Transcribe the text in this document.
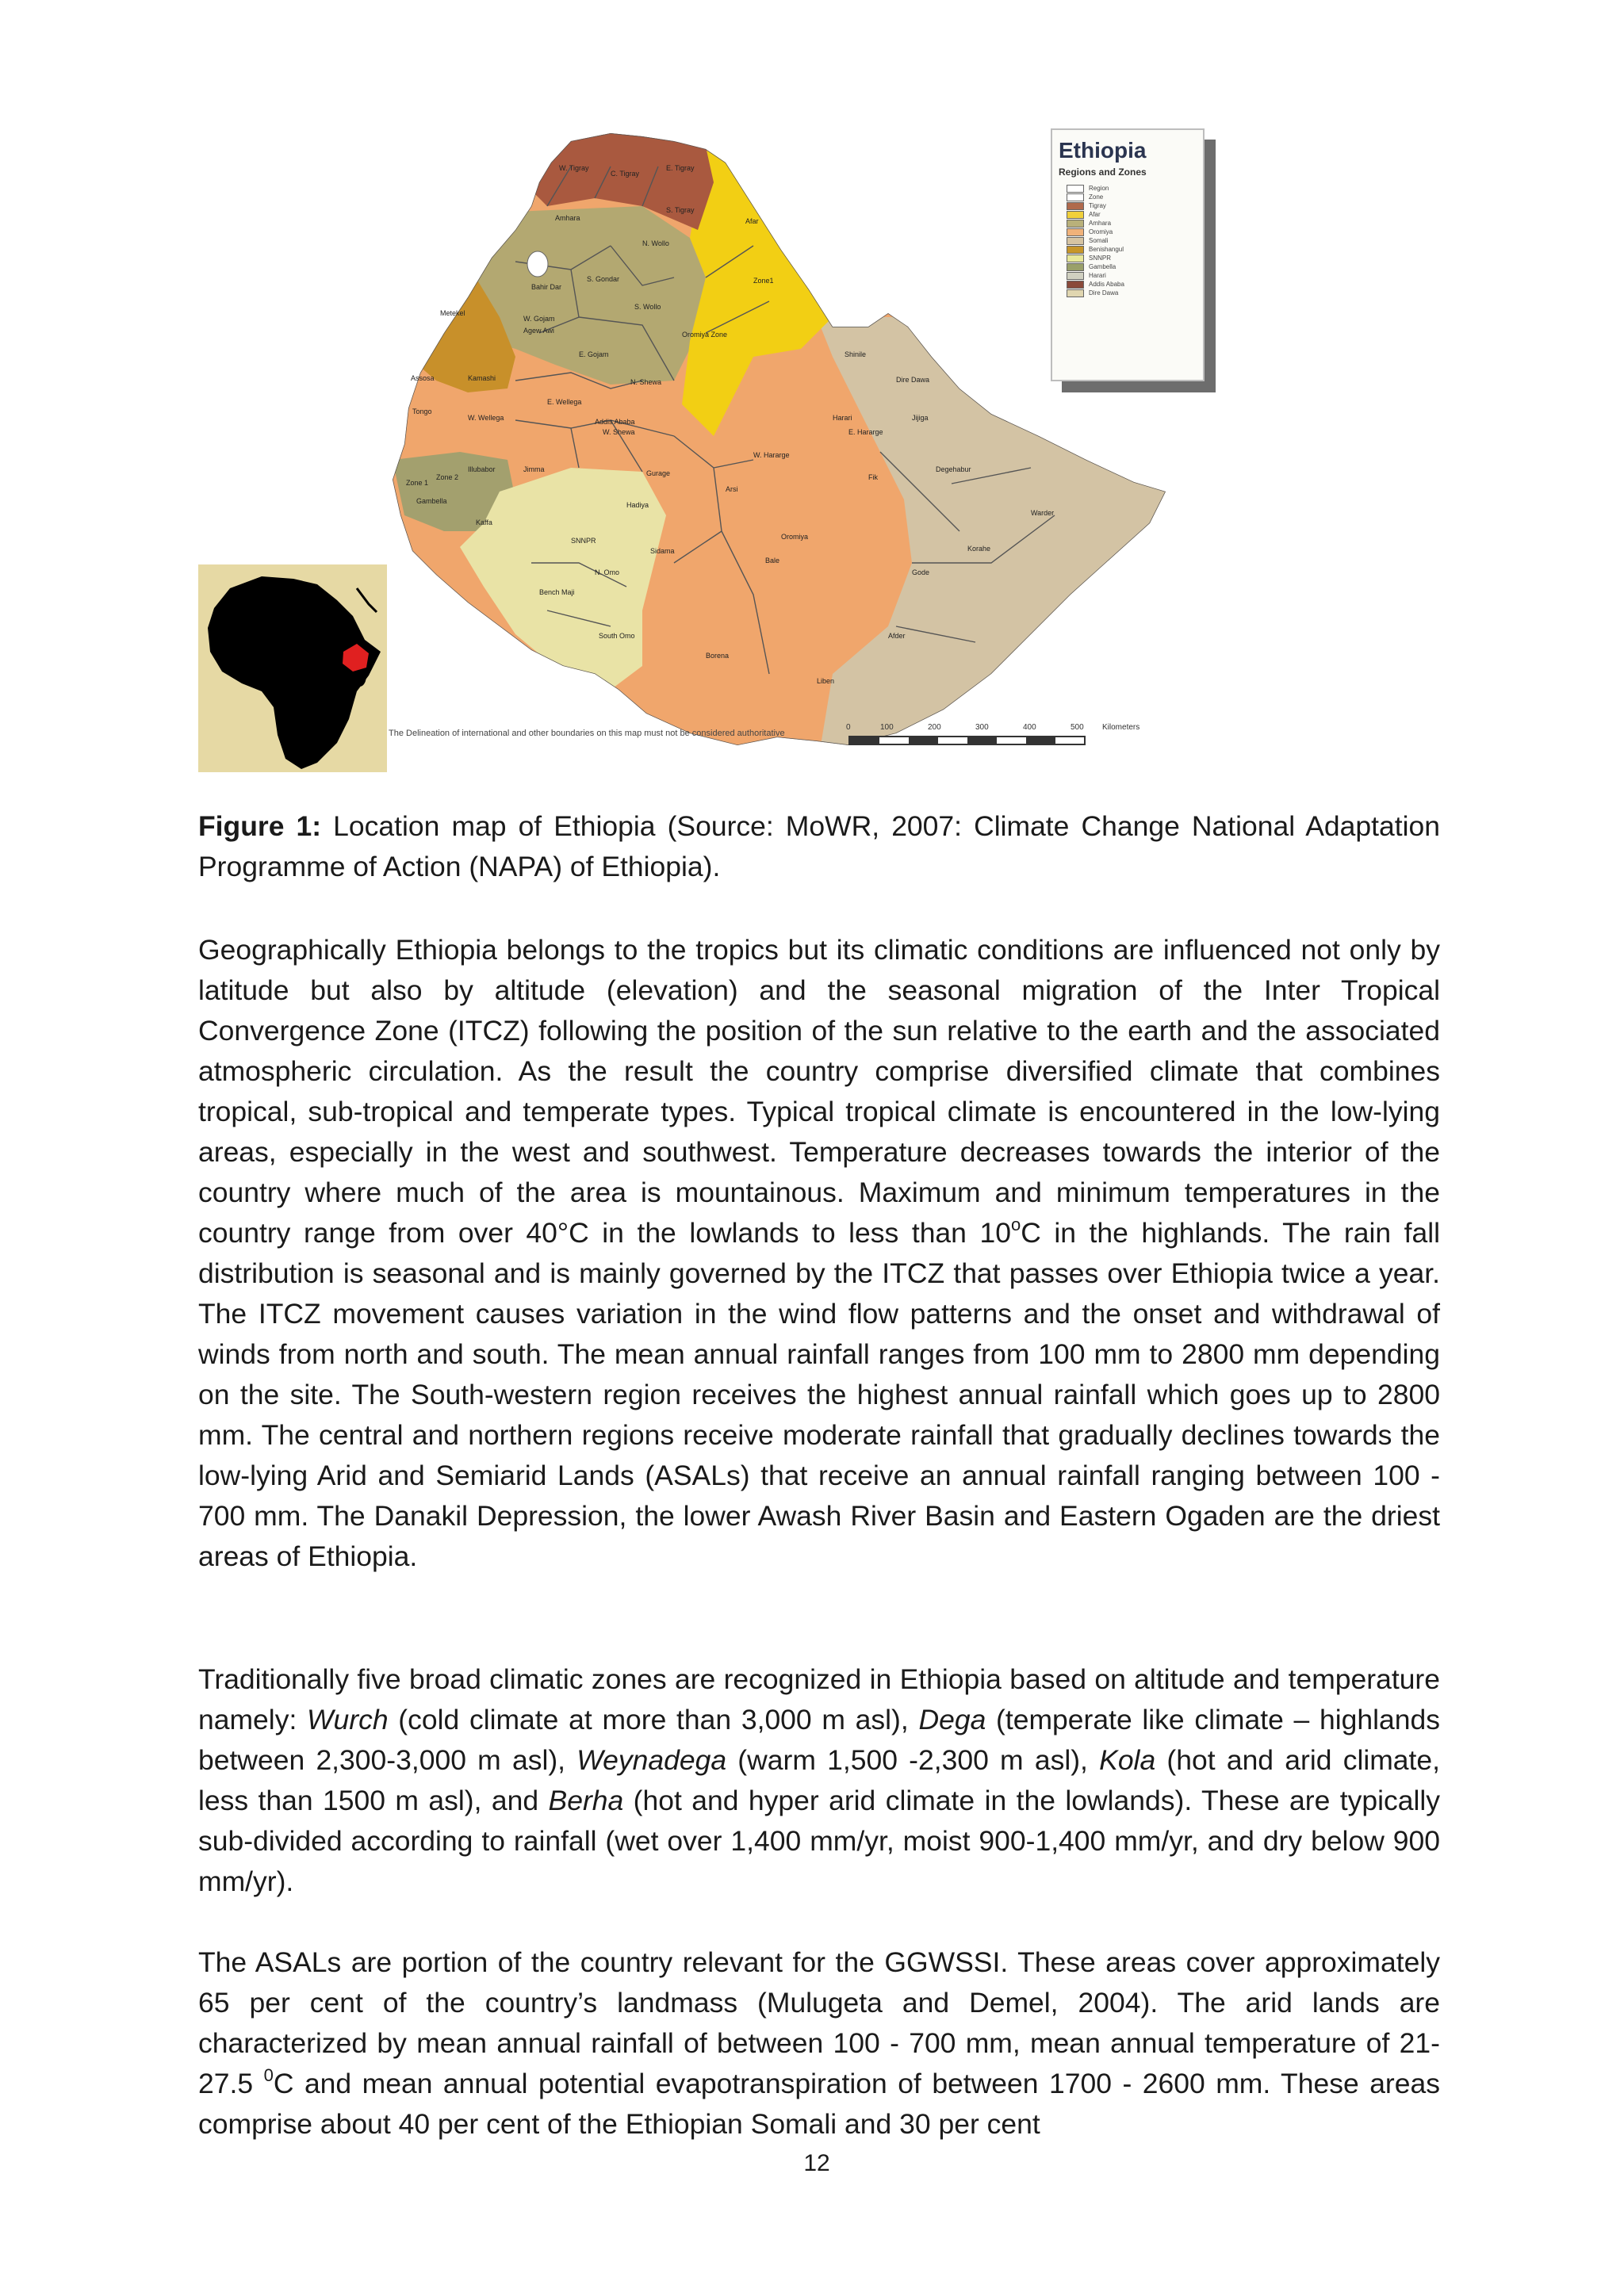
W. Tigray
C. Tigray
E. Tigray
S. Tigray
Afar
Zone1
Amhara
S. Gondar
N. Wollo
Bahir Dar
W. Gojam
Agew Awi
E. Gojam
S. Wollo
N. Shewa
Oromiya Zone
Metekel
Assosa	Kamashi
Tongo
E. Wellega
W. Wellega	Addis Ababa
W. Shewa
Jimma
Illubabor
Zone 1
Zone 2
Gambella
Gurage
Hadiya
Kaffa
SNNPR
N. Omo
Sidama
Bench Maji
South Omo
Shinile
Dire Dawa
Harari
E. Hararge
W. Hararge
Arsi
Jijiga
Fik
Degehabur
Warder
Korahe
Gode
Afder
Liben
Borena
Bale
Oromiya
Ethiopia
Regions and Zones
Region
Zone
Tigray
Afar
Amhara
Oromiya
Somali
Benishangul
SNNPR
Gambella
Harari
Addis Ababa
Dire Dawa
The Delineation of international and other boundaries on this map must not be considered authoritative
0	100	200	300	400	500 Kilometers
Figure 1: Location map of Ethiopia (Source: MoWR, 2007: Climate Change National Adaptation Programme of Action (NAPA) of Ethiopia).
Geographically Ethiopia belongs to the tropics but its climatic conditions are influenced not only by latitude but also by altitude (elevation) and the seasonal migration of the Inter Tropical Convergence Zone (ITCZ) following the position of the sun relative to the earth and the associated atmospheric circulation. As the result the country comprise diversified climate that combines tropical, sub-tropical and temperate types. Typical tropical climate is encountered in the low-lying areas, especially in the west and southwest. Temperature decreases towards the interior of the country where much of the area is mountainous. Maximum and minimum temperatures in the country range from over 40°C in the lowlands to less than 10$^o$C in the highlands. The rain fall distribution is seasonal and is mainly governed by the ITCZ that passes over Ethiopia twice a year. The ITCZ movement causes variation in the wind flow patterns and the onset and withdrawal of winds from north and south. The mean annual rainfall ranges from 100 mm to 2800 mm depending on the site. The South-western region receives the highest annual rainfall which goes up to 2800 mm. The central and northern regions receive moderate rainfall that gradually declines towards the low-lying Arid and Semiarid Lands (ASALs) that receive an annual rainfall ranging between 100 - 700 mm. The Danakil Depression, the lower Awash River Basin and Eastern Ogaden are the driest areas of Ethiopia.
Traditionally five broad climatic zones are recognized in Ethiopia based on altitude and temperature namely: Wurch (cold climate at more than 3,000 m asl), Dega (temperate like climate – highlands between 2,300-3,000 m asl), Weynadega (warm 1,500 -2,300 m asl), Kola (hot and arid climate, less than 1500 m asl), and Berha (hot and hyper arid climate in the lowlands). These are typically sub-divided according to rainfall (wet over 1,400 mm/yr, moist 900-1,400 mm/yr, and dry below 900 mm/yr).
The ASALs are portion of the country relevant for the GGWSSI. These areas cover approximately 65 per cent of the country’s landmass (Mulugeta and Demel, 2004). The arid lands are characterized by mean annual rainfall of between 100 - 700 mm, mean annual temperature of 21-27.5 $^0$C and mean annual potential evapotranspiration of between 1700 - 2600 mm. These areas comprise about 40 per cent of the Ethiopian Somali and 30 per cent
12
